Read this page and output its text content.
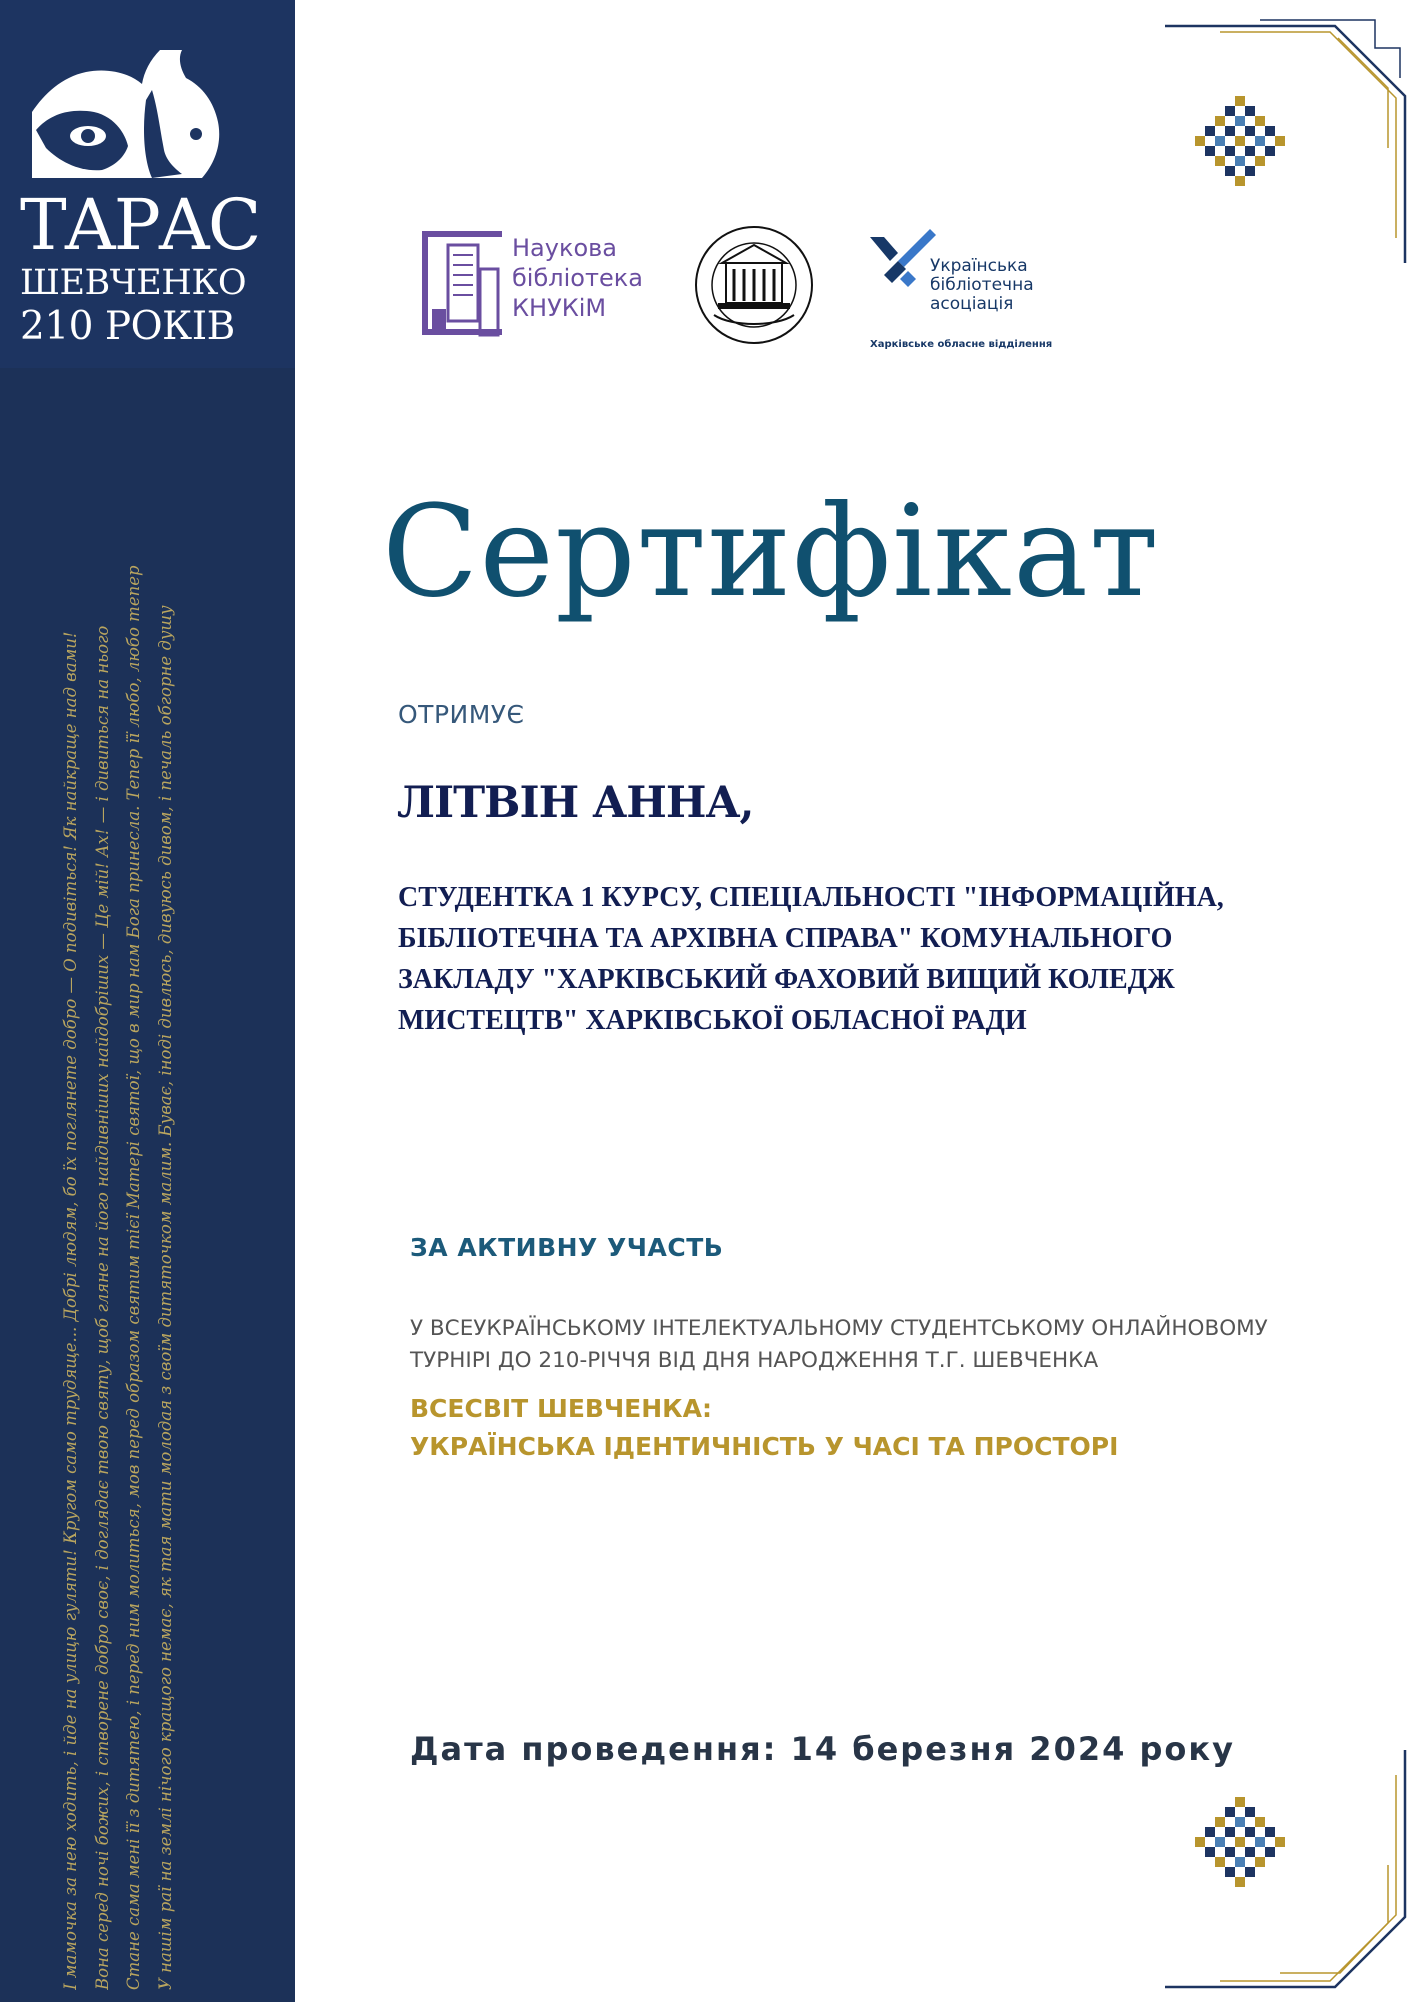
ТАРАС
ШЕВЧЕНКО
210 РОКІВ
І мамочка за нею ходить, і йде на улицю гуляти! Кругом само трудяще... Добрі людям, бо їх поглянете добро — О подивіться! Як найкраще над вами! Вона серед ночі божих, і створене добро своє, і доглядає твою святу, щоб гляне на його найдивніших найдобріших — Це мій! Ах! — і дивиться на нього Стане сама мені її з дитятею, і перед ним молиться, мов перед образом святим тієї Матері святої, що в мир нам Бога принесла. Тепер її любо, любо тепер У нашім раї на землі нічого кращого немає, як тая мати молодая з своїм дитяточком малим. Буває, іноді дивлюсь, дивуюсь дивом, і печаль обгорне душу
Наукова
бібліотека
КНУКіМ
Українська
бібліотечна
асоціація
Харківське обласне відділення
Сертифікат
ОТРИМУЄ
ЛІТВІН АННА,
СТУДЕНТКА 1 КУРСУ, СПЕЦІАЛЬНОСТІ "ІНФОРМАЦІЙНА,
БІБЛІОТЕЧНА ТА АРХІВНА СПРАВА" КОМУНАЛЬНОГО
ЗАКЛАДУ "ХАРКІВСЬКИЙ ФАХОВИЙ ВИЩИЙ КОЛЕДЖ
МИСТЕЦТВ" ХАРКІВСЬКОЇ ОБЛАСНОЇ РАДИ
ЗА АКТИВНУ УЧАСТЬ
У ВСЕУКРАЇНСЬКОМУ ІНТЕЛЕКТУАЛЬНОМУ СТУДЕНТСЬКОМУ ОНЛАЙНОВОМУ
ТУРНІРІ ДО 210-РІЧЧЯ ВІД ДНЯ НАРОДЖЕННЯ Т.Г. ШЕВЧЕНКА
ВСЕСВІТ ШЕВЧЕНКА:
УКРАЇНСЬКА ІДЕНТИЧНІСТЬ У ЧАСІ ТА ПРОСТОРІ
Дата проведення: 14 березня 2024 року
